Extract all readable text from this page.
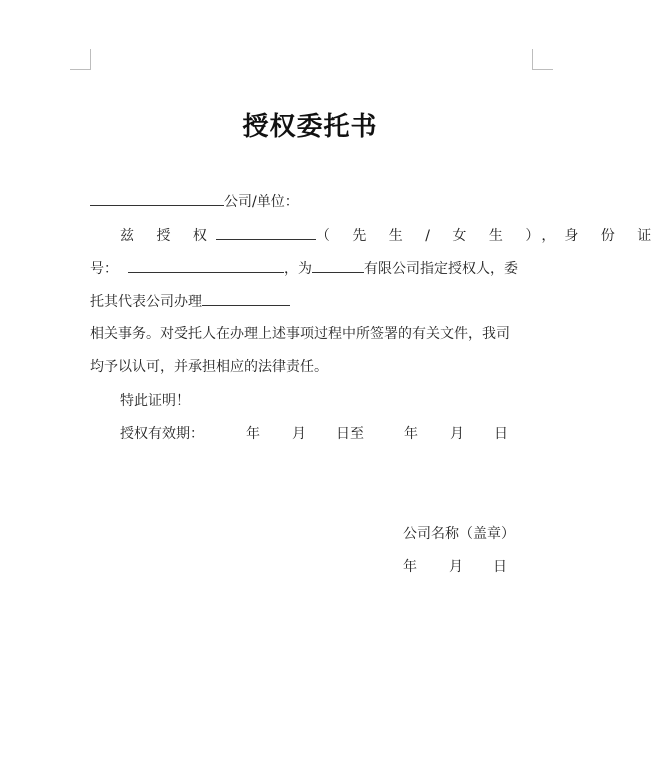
授权委托书
公司/单位：
兹 授 权	（ 先 生 / 女 生 ），身 份 证
号：	，为	有限公司指定授权人，委
托其代表公司办理
相关事务。对受托人在办理上述事项过程中所签署的有关文件，我司
均予以认可，并承担相应的法律责任。
特此证明！
授权有效期：	年 月 日至	年 月 日
公司名称（盖章）
年 月 日
